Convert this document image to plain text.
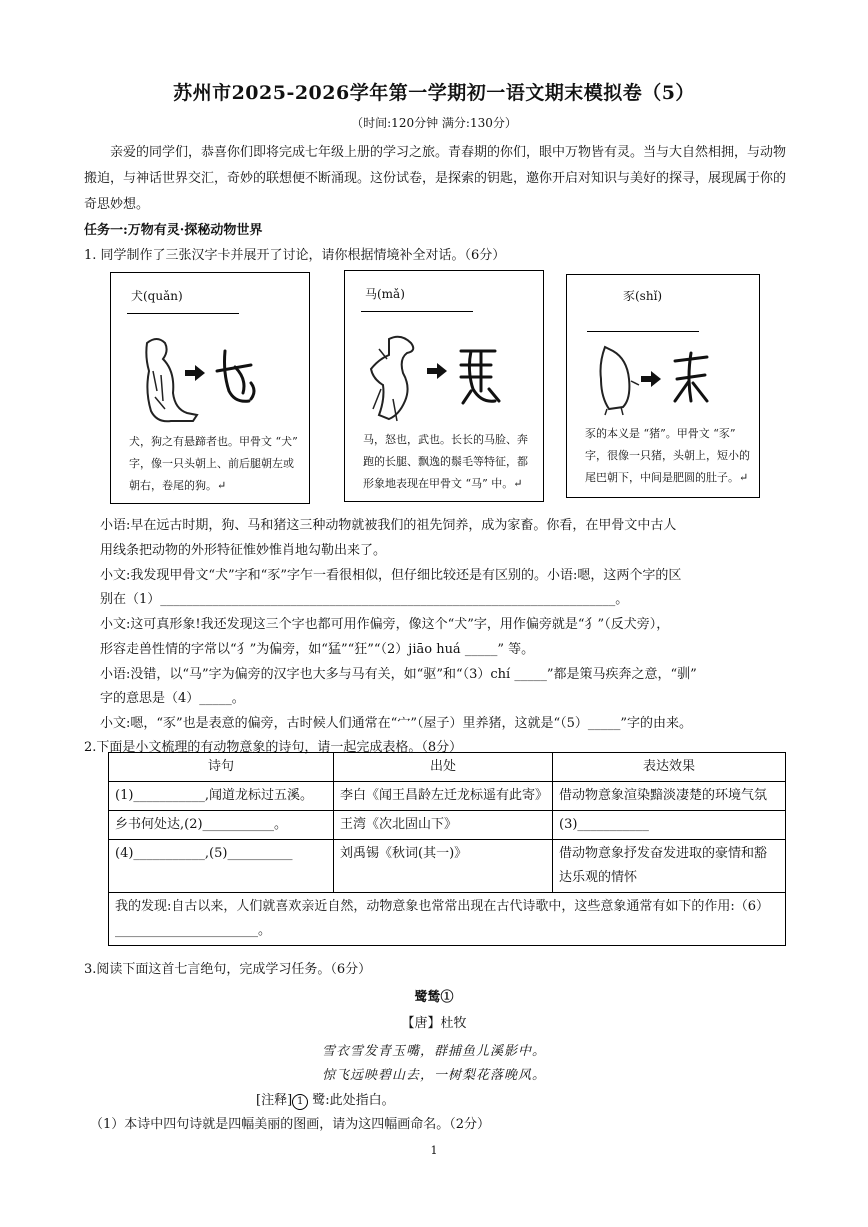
苏州市2025-2026学年第一学期初一语文期末模拟卷（5）
（时间:120分钟 满分:130分）
亲爱的同学们，恭喜你们即将完成七年级上册的学习之旅。青春期的你们，眼中万物皆有灵。当与大自然相拥，与动物搬迫，与神话世界交汇，奇妙的联想便不断涌现。这份试卷，是探索的钥匙，邀你开启对知识与美好的探寻，展现属于你的奇思妙想。
任务一:万物有灵·探秘动物世界
1. 同学制作了三张汉字卡并展开了讨论，请你根据情境补全对话。（6分）
犬(quǎn)
犬，狗之有悬蹄者也。甲骨文 “犬”
字，像一只头朝上、前后腿朝左或
朝右，卷尾的狗。↵
马(mǎ)
马，怒也，武也。长长的马脸、奔
跑的长腿、飘逸的鬃毛等特征，都
形象地表现在甲骨文 “马” 中。↵
豕(shǐ)
豕的本义是 “猪”。甲骨文 “豕”
字，很像一只猪，头朝上，短小的
尾巴朝下，中间是肥圆的肚子。↵
小语:早在远古时期，狗、马和猪这三种动物就被我们的祖先饲养，成为家畜。你看，在甲骨文中古人
用线条把动物的外形特征惟妙惟肖地勾勒出来了。
小文:我发现甲骨文“犬”字和“豕”字乍一看很相似，但仔细比较还是有区别的。小语:嗯，这两个字的区
别在（1）______________________________________________________________________。
小文:这可真形象!我还发现这三个字也都可用作偏旁，像这个“犬”字，用作偏旁就是“犭”（反犬旁），
形容走兽性情的字常以“犭”为偏旁，如“猛”“狂”“（2）jiāo huá _____” 等。
小语:没错，以“马”字为偏旁的汉字也大多与马有关，如“驱”和“（3）chí _____”都是策马疾奔之意，“驯”
字的意思是（4）_____。
小文:嗯，“豕”也是表意的偏旁，古时候人们通常在“宀”（屋子）里养猪，这就是“（5）_____”字的由来。
2.下面是小文梳理的有动物意象的诗句，请一起完成表格。（8分）
诗句	出处	表达效果
(1)___________,闻道龙标过五溪。	李白《闻王昌龄左迁龙标遥有此寄》	借动物意象渲染黯淡凄楚的环境气氛
乡书何处达,(2)___________。	王湾《次北固山下》	(3)___________
(4)___________,(5)__________	刘禹锡《秋词(其一)》	借动物意象抒发奋发进取的豪情和豁达乐观的情怀
我的发现:自古以来，人们就喜欢亲近自然，动物意象也常常出现在古代诗歌中，这些意象通常有如下的作用:（6）______________________。		
3.阅读下面这首七言绝句，完成学习任务。（6分）
鹭鸶①
【唐】杜牧
雪衣雪发青玉嘴，群捕鱼儿溪影中。
惊飞远映碧山去，一树梨花落晚风。
[注释] 1 鹭:此处指白。
（1）本诗中四句诗就是四幅美丽的图画，请为这四幅画命名。（2分）
1
